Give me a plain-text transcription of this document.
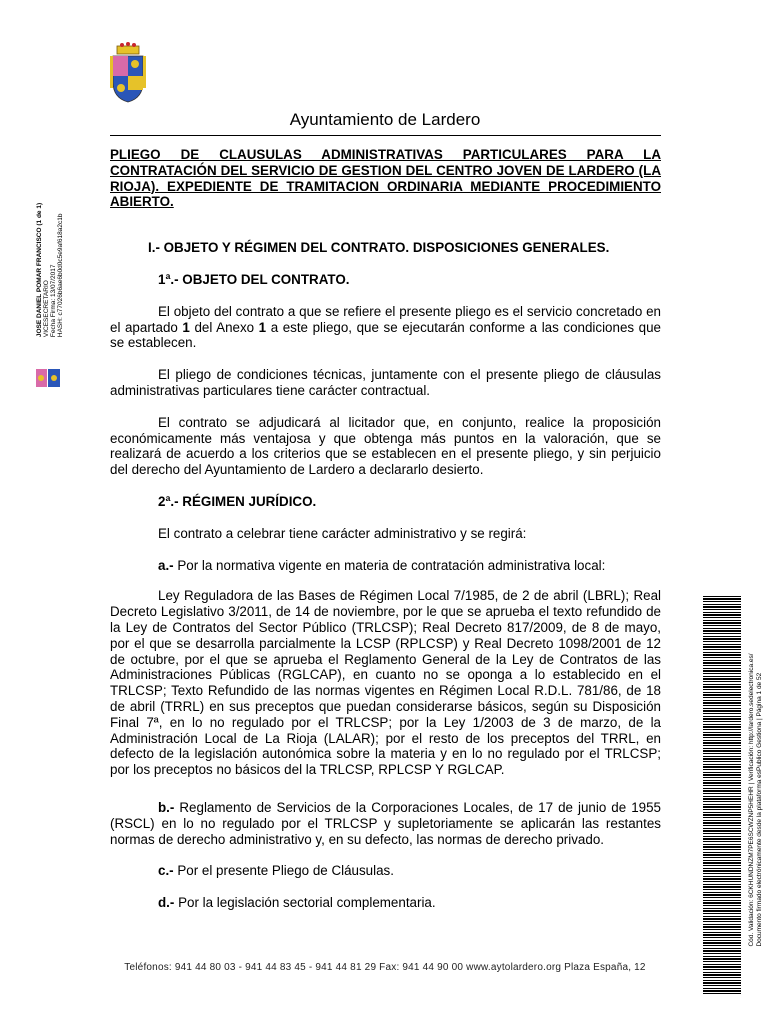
Ayuntamiento de Lardero
PLIEGO DE CLAUSULAS ADMINISTRATIVAS PARTICULARES PARA LA CONTRATACIÓN DEL SERVICIO DE GESTION DEL CENTRO JOVEN DE LARDERO (LA RIOJA). EXPEDIENTE DE TRAMITACION ORDINARIA MEDIANTE PROCEDIMIENTO ABIERTO.
I.- OBJETO Y RÉGIMEN DEL CONTRATO. DISPOSICIONES GENERALES.
1ª.- OBJETO DEL CONTRATO.
El objeto del contrato a que se refiere el presente pliego es el servicio concretado en el apartado 1 del Anexo 1 a este pliego, que se ejecutarán conforme a las condiciones que se establecen.
El pliego de condiciones técnicas, juntamente con el presente pliego de cláusulas administrativas particulares tiene carácter contractual.
El contrato se adjudicará al licitador que, en conjunto, realice la proposición económicamente más ventajosa y que obtenga más puntos en la valoración, que se realizará de acuerdo a los criterios que se establecen en el presente pliego, y sin perjuicio del derecho del Ayuntamiento de Lardero a declararlo desierto.
2ª.- RÉGIMEN JURÍDICO.
El contrato a celebrar tiene carácter administrativo y se regirá:
a.- Por la normativa vigente en materia de contratación administrativa local:
Ley Reguladora de las Bases de Régimen Local 7/1985, de 2 de abril (LBRL); Real Decreto Legislativo 3/2011, de 14 de noviembre, por le que se aprueba el texto refundido de la Ley de Contratos del Sector Público (TRLCSP); Real Decreto 817/2009, de 8 de mayo, por el que se desarrolla parcialmente la LCSP (RPLCSP) y Real Decreto 1098/2001 de 12 de octubre, por el que se aprueba el Reglamento General de la Ley de Contratos de las Administraciones Públicas (RGLCAP), en cuanto no se oponga a lo establecido en el TRLCSP; Texto Refundido de las normas vigentes en Régimen Local R.D.L. 781/86, de 18 de abril (TRRL) en sus preceptos que puedan considerarse básicos, según su Disposición Final 7ª, en lo no regulado por el TRLCSP; por la Ley 1/2003 de 3 de marzo, de la Administración Local de La Rioja (LALAR); por el resto de los preceptos del TRRL, en defecto de la legislación autonómica sobre la materia y en lo no regulado por el TRLCSP; por los preceptos no básicos del la TRLCSP, RPLCSP Y RGLCAP.
b.- Reglamento de Servicios de la Corporaciones Locales, de 17 de junio de 1955 (RSCL) en lo no regulado por el TRLCSP y supletoriamente se aplicarán las restantes normas de derecho administrativo y, en su defecto, las normas de derecho privado.
c.- Por el presente Pliego de Cláusulas.
d.- Por la legislación sectorial complementaria.
Teléfonos: 941 44 80 03 - 941 44 83 45 - 941 44 81 29 Fax: 941 44 90 00 www.aytolardero.org Plaza España, 12
JOSE DANIEL POMAR FRANCISCO (1 de 1) VICESECRETARIO Fecha Firma: 13/07/2017 HASH: c77026b6ae6b0d0c5e9af618a2c1b
Cód. Validación: 6CKHUNDNZM7PE6SCWZNP5HEHR | Verificación: http://lardero.sedelectronica.es/ Documento firmado electrónicamente desde la plataforma esPublico Gestiona | Página 1 de 52
